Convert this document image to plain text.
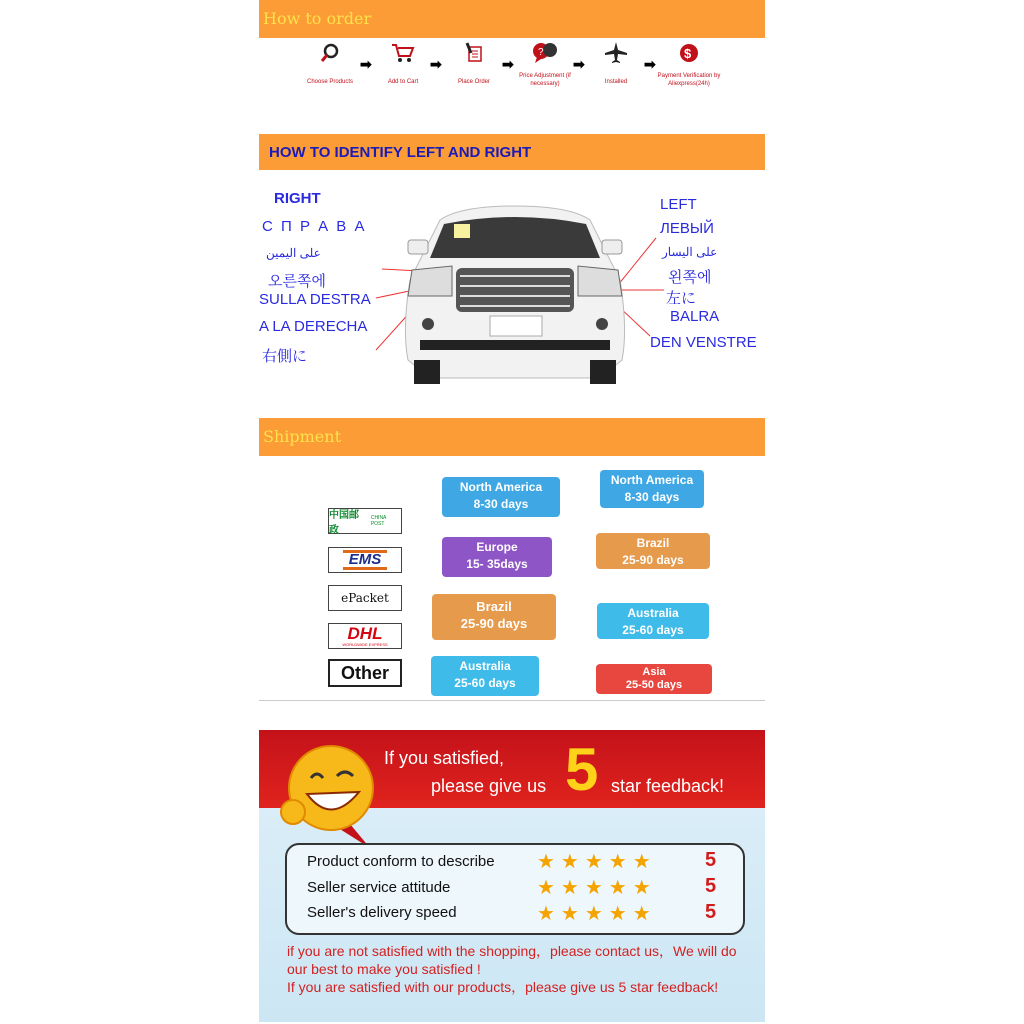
How to order
Choose Products
➡
Add to Cart
➡
Place Order
➡
?
Price Adjustment (if necessary)
➡
Installed
➡
$
Payment Verification by Aliexpress(24h)
HOW TO IDENTIFY LEFT AND RIGHT
RIGHT
С П Р А В А
على اليمين
오른쪽에
SULLA DESTRA
A LA DERECHA
右側に
LEFT
ЛЕВЫЙ
على اليسار
왼쪽에
左に
BALRA
DEN VENSTRE
Shipment
中国邮政
CHINA POST
EMS
ePacket
DHL
WORLDWIDE EXPRESS
Other
North America
8-30 days
Europe
15- 35days
Brazil
25-90 days
Australia
25-60 days
North America
8-30 days
Brazil
25-90 days
Australia
25-60 days
Asia
25-50 days
If you satisfied,
please give us 5 star feedback!
Product conform to describe ★★★★★ 5
Seller service attitude	★★★★★ 5
Seller's delivery speed	★★★★★ 5
if you are not satisfied with the shopping，please contact us，We will do our best to make you satisfied !
If you are satisfied with our products，please give us 5 star feedback!
